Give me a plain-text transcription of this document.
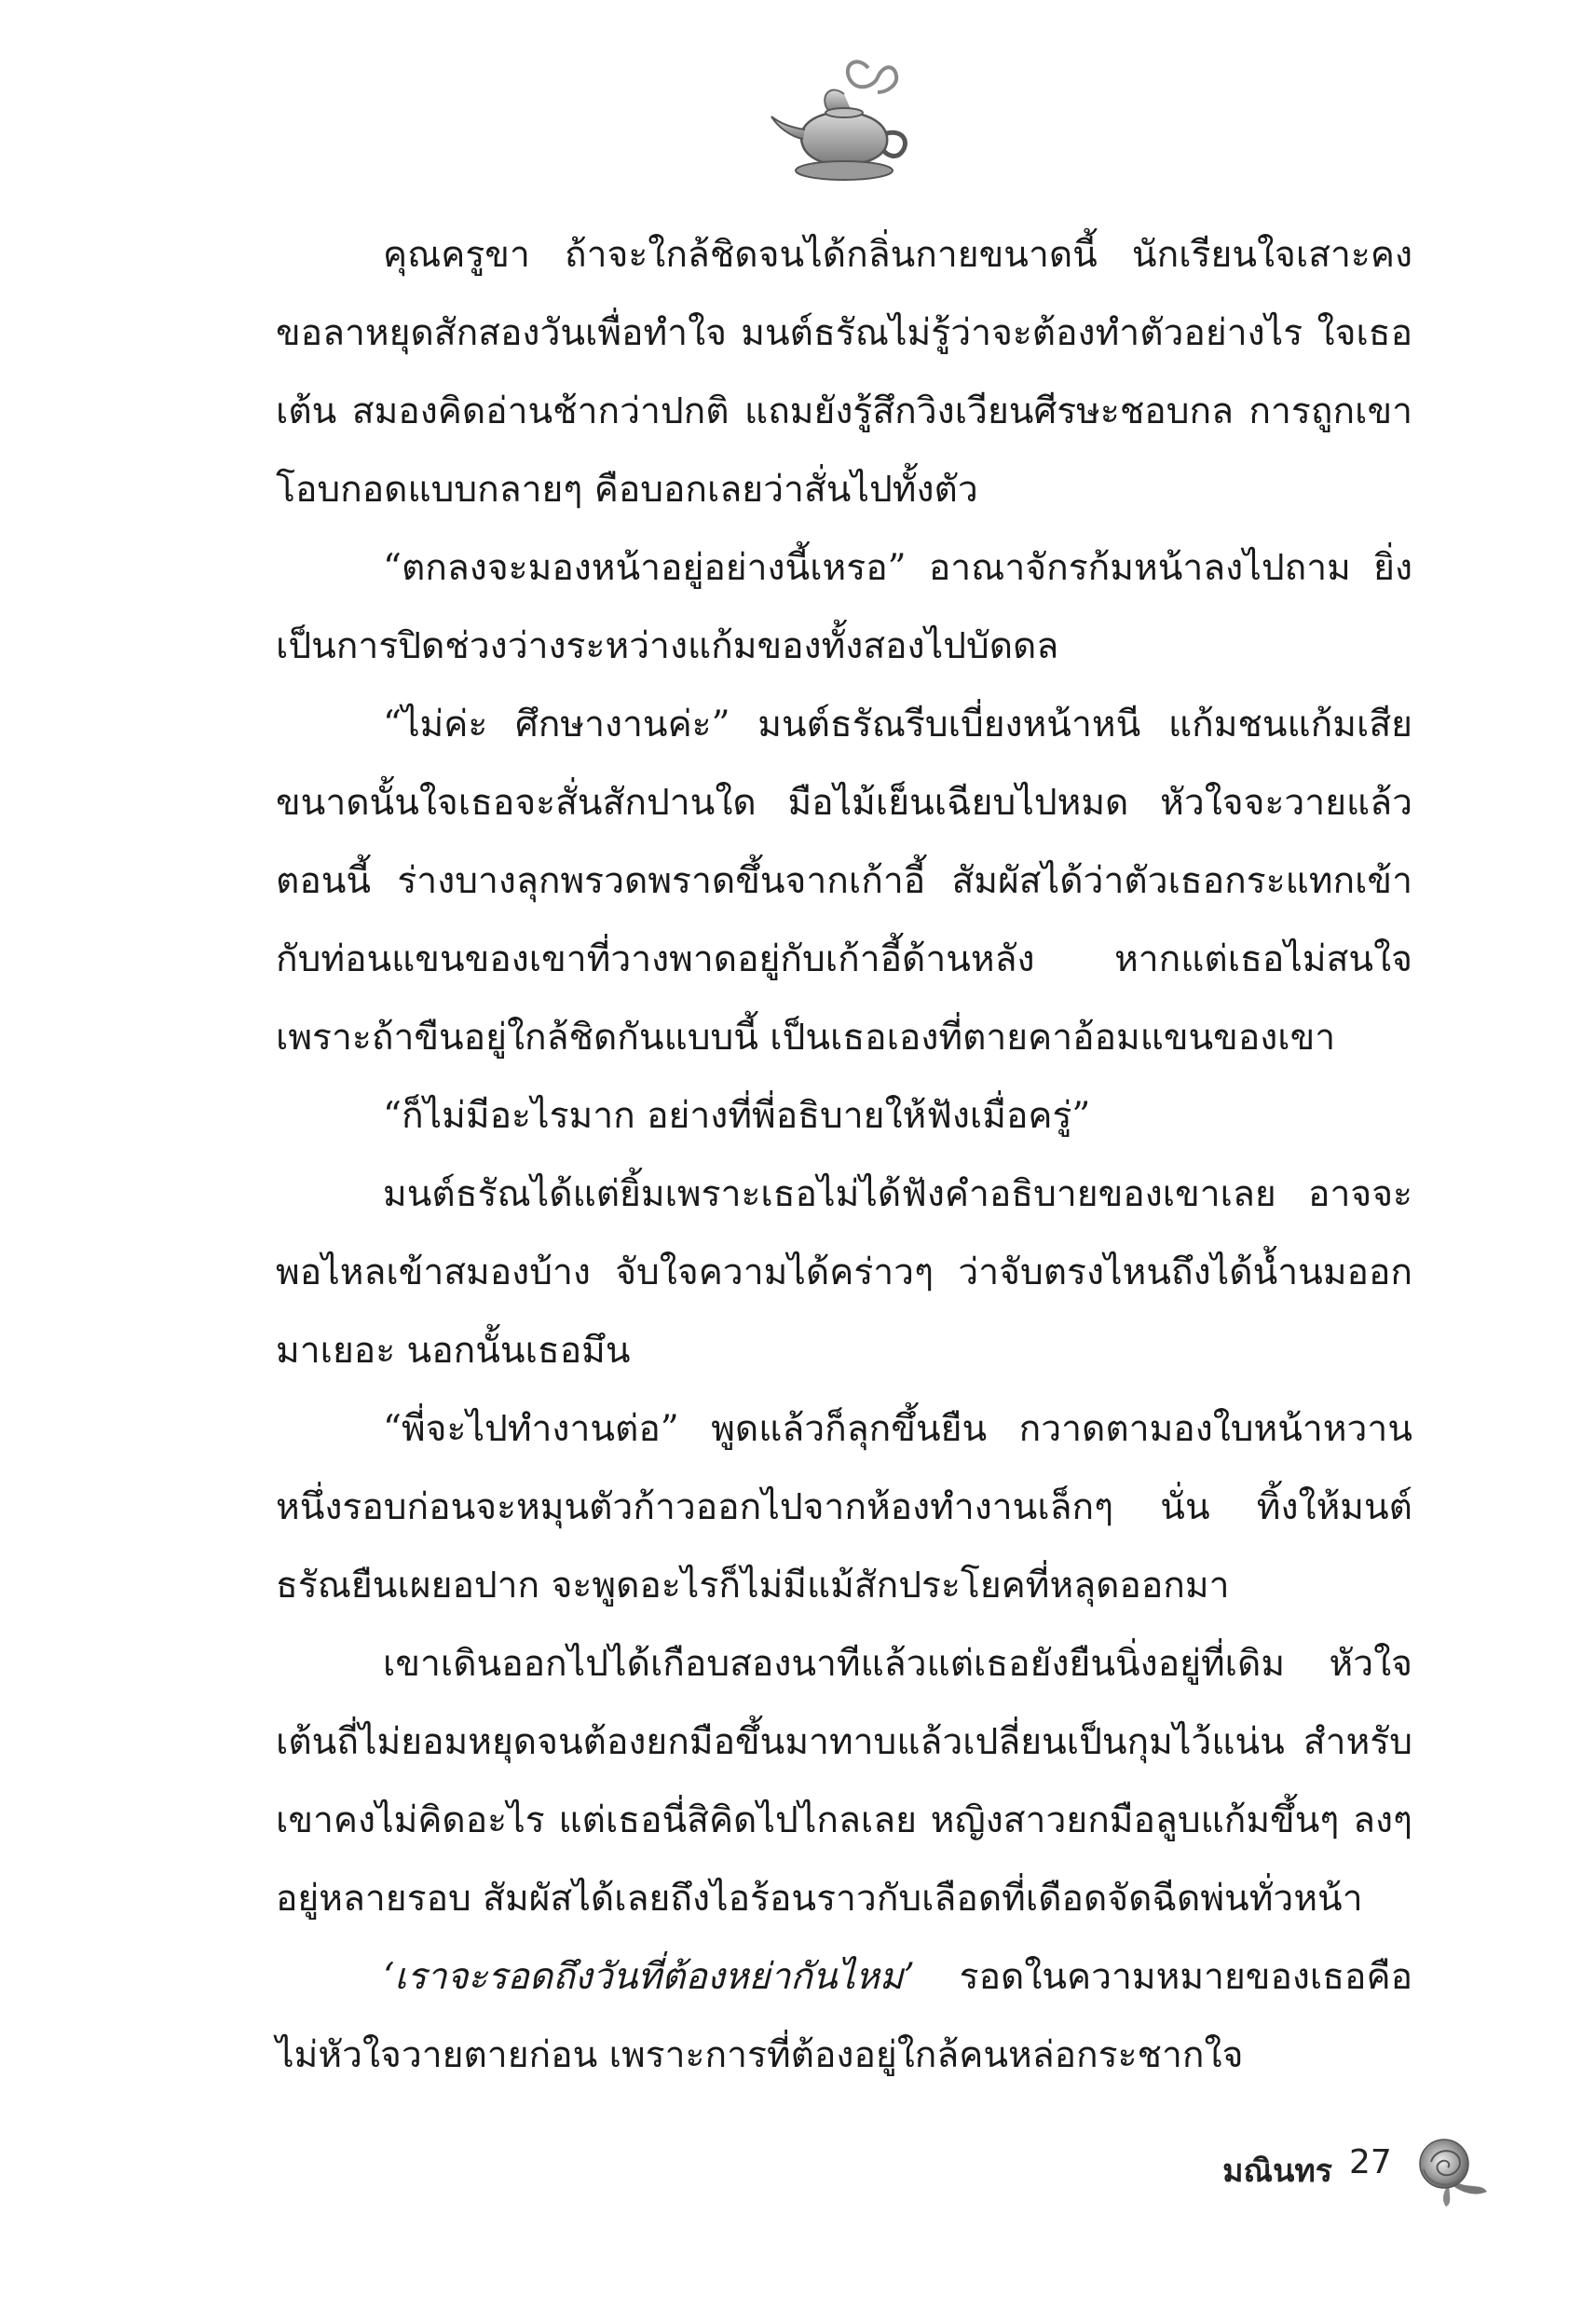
คุณครูขา ถ้าจะใกล้ชิดจนได้กลิ่นกายขนาดนี้ นักเรียนใจเสาะคงขอลาหยุดสักสองวันเพื่อทำใจ มนต์ธรัณไม่รู้ว่าจะต้องทำตัวอย่างไร ใจเธอเต้น สมองคิดอ่านช้ากว่าปกติ แถมยังรู้สึกวิงเวียนศีรษะชอบกล การถูกเขาโอบกอดแบบกลายๆ คือบอกเลยว่าสั่นไปทั้งตัว

“ตกลงจะมองหน้าอยู่อย่างนี้เหรอ” อาณาจักรก้มหน้าลงไปถาม ยิ่งเป็นการปิดช่วงว่างระหว่างแก้มของทั้งสองไปบัดดล

“ไม่ค่ะ ศึกษางานค่ะ” มนต์ธรัณรีบเบี่ยงหน้าหนี แก้มชนแก้มเสียขนาดนั้นใจเธอจะสั่นสักปานใด มือไม้เย็นเฉียบไปหมด หัวใจจะวายแล้วตอนนี้ ร่างบางลุกพรวดพราดขึ้นจากเก้าอี้ สัมผัสได้ว่าตัวเธอกระแทกเข้ากับท่อนแขนของเขาที่วางพาดอยู่กับเก้าอี้ด้านหลัง หากแต่เธอไม่สนใจ เพราะถ้าขืนอยู่ใกล้ชิดกันแบบนี้ เป็นเธอเองที่ตายคาอ้อมแขนของเขา

“ก็ไม่มีอะไรมาก อย่างที่พี่อธิบายให้ฟังเมื่อครู่”

มนต์ธรัณได้แต่ยิ้มเพราะเธอไม่ได้ฟังคำอธิบายของเขาเลย อาจจะพอไหลเข้าสมองบ้าง จับใจความได้คร่าวๆ ว่าจับตรงไหนถึงได้น้ำนมออกมาเยอะ นอกนั้นเธอมึน

“พี่จะไปทำงานต่อ” พูดแล้วก็ลุกขึ้นยืน กวาดตามองใบหน้าหวานหนึ่งรอบก่อนจะหมุนตัวก้าวออกไปจากห้องทำงานเล็กๆ นั่น ทิ้งให้มนต์ธรัณยืนเผยอปาก จะพูดอะไรก็ไม่มีแม้สักประโยคที่หลุดออกมา

เขาเดินออกไปได้เกือบสองนาทีแล้วแต่เธอยังยืนนิ่งอยู่ที่เดิม หัวใจเต้นถี่ไม่ยอมหยุดจนต้องยกมือขึ้นมาทาบแล้วเปลี่ยนเป็นกุมไว้แน่น สำหรับเขาคงไม่คิดอะไร แต่เธอนี่สิคิดไปไกลเลย หญิงสาวยกมือลูบแก้มขึ้นๆ ลงๆ อยู่หลายรอบ สัมผัสได้เลยถึงไอร้อนราวกับเลือดที่เดือดจัดฉีดพ่นทั่วหน้า

‘เราจะรอดถึงวันที่ต้องหย่ากันไหม’ รอดในความหมายของเธอคือไม่หัวใจวายตายก่อน เพราะการที่ต้องอยู่ใกล้คนหล่อกระชากใจ

มณินทร 27
